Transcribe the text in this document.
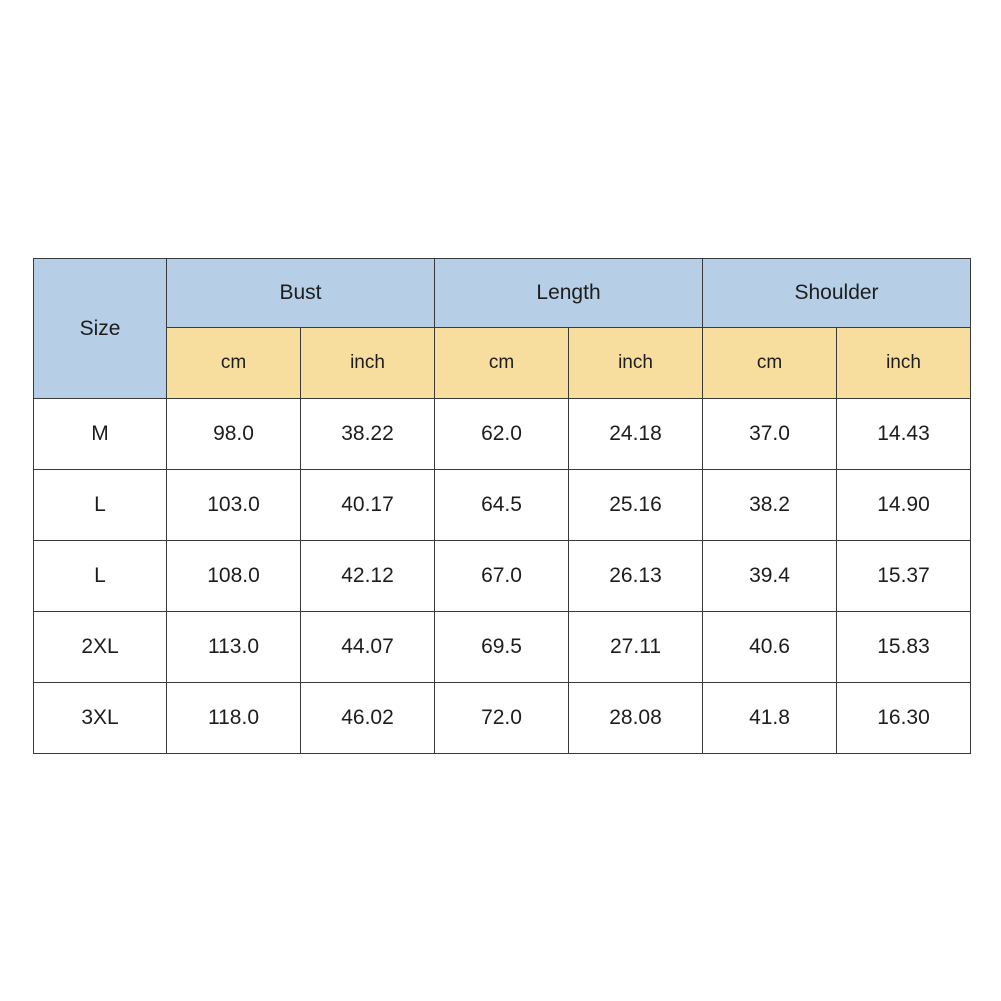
Size	Bust		Length		Shoulder	
	cm	inch	cm	inch	cm	inch
M	98.0	38.22	62.0	24.18	37.0	14.43
L	103.0	40.17	64.5	25.16	38.2	14.90
L	108.0	42.12	67.0	26.13	39.4	15.37
2XL	113.0	44.07	69.5	27.11	40.6	15.83
3XL	118.0	46.02	72.0	28.08	41.8	16.30
